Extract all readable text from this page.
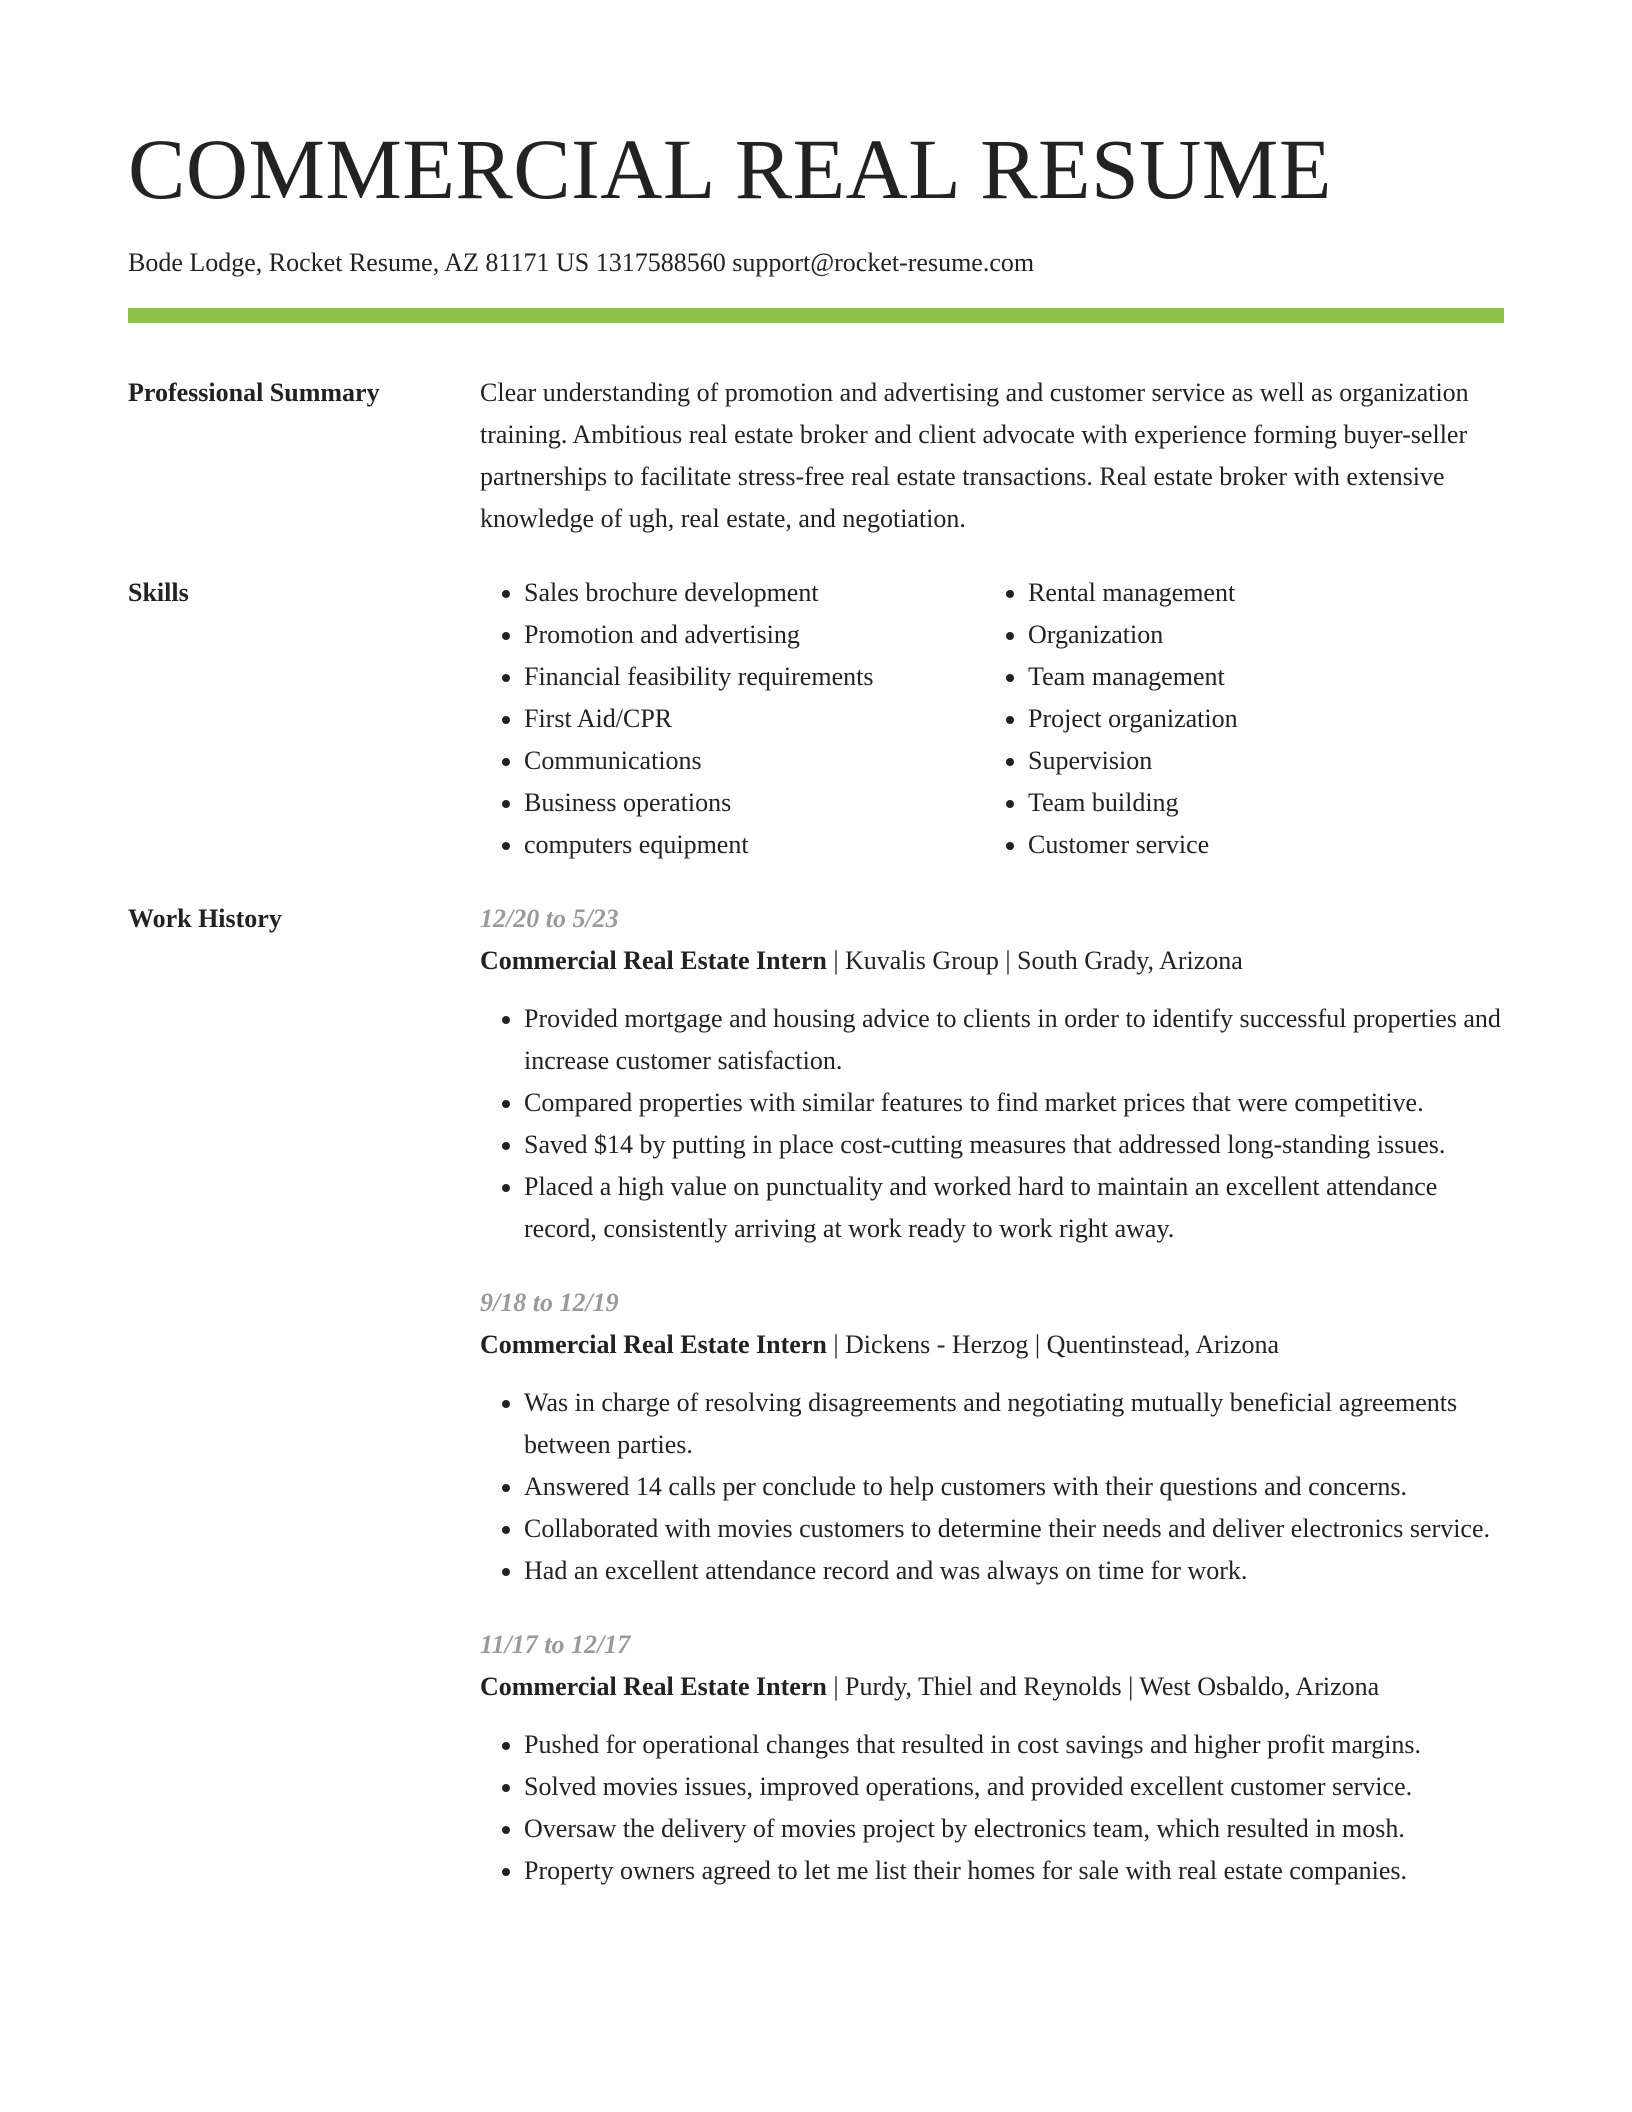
COMMERCIAL REAL RESUME
Bode Lodge, Rocket Resume, AZ 81171 US 1317588560 support@rocket-resume.com
Professional Summary	Clear understanding of promotion and advertising and customer service as well as organization training. Ambitious real estate broker and client advocate with experience forming buyer-seller partnerships to facilitate stress-free real estate transactions. Real estate broker with extensive knowledge of ugh, real estate, and negotiation.

Skills
•	Sales brochure development
• Promotion and advertising
• Financial feasibility requirements
• First Aid/CPR
• Communications
• Business operations
• computers equipment
• Rental management
• Organization
• Team management
• Project organization
• Supervision
• Team building
• Customer service
Work History	12/20 to 5/23
Commercial Real Estate Intern | Kuvalis Group | South Grady, Arizona
• Provided mortgage and housing advice to clients in order to identify successful properties and increase customer satisfaction.
• Compared properties with similar features to find market prices that were competitive.
• Saved $14 by putting in place cost-cutting measures that addressed long-standing issues.
• Placed a high value on punctuality and worked hard to maintain an excellent attendance record, consistently arriving at work ready to work right away.
9/18 to 12/19
Commercial Real Estate Intern | Dickens - Herzog | Quentinstead, Arizona
• Was in charge of resolving disagreements and negotiating mutually beneficial agreements between parties.
• Answered 14 calls per conclude to help customers with their questions and concerns.
• Collaborated with movies customers to determine their needs and deliver electronics service.
• Had an excellent attendance record and was always on time for work.
11/17 to 12/17
Commercial Real Estate Intern | Purdy, Thiel and Reynolds | West Osbaldo, Arizona
• Pushed for operational changes that resulted in cost savings and higher profit margins.
• Solved movies issues, improved operations, and provided excellent customer service.
• Oversaw the delivery of movies project by electronics team, which resulted in mosh.
• Property owners agreed to let me list their homes for sale with real estate companies.
